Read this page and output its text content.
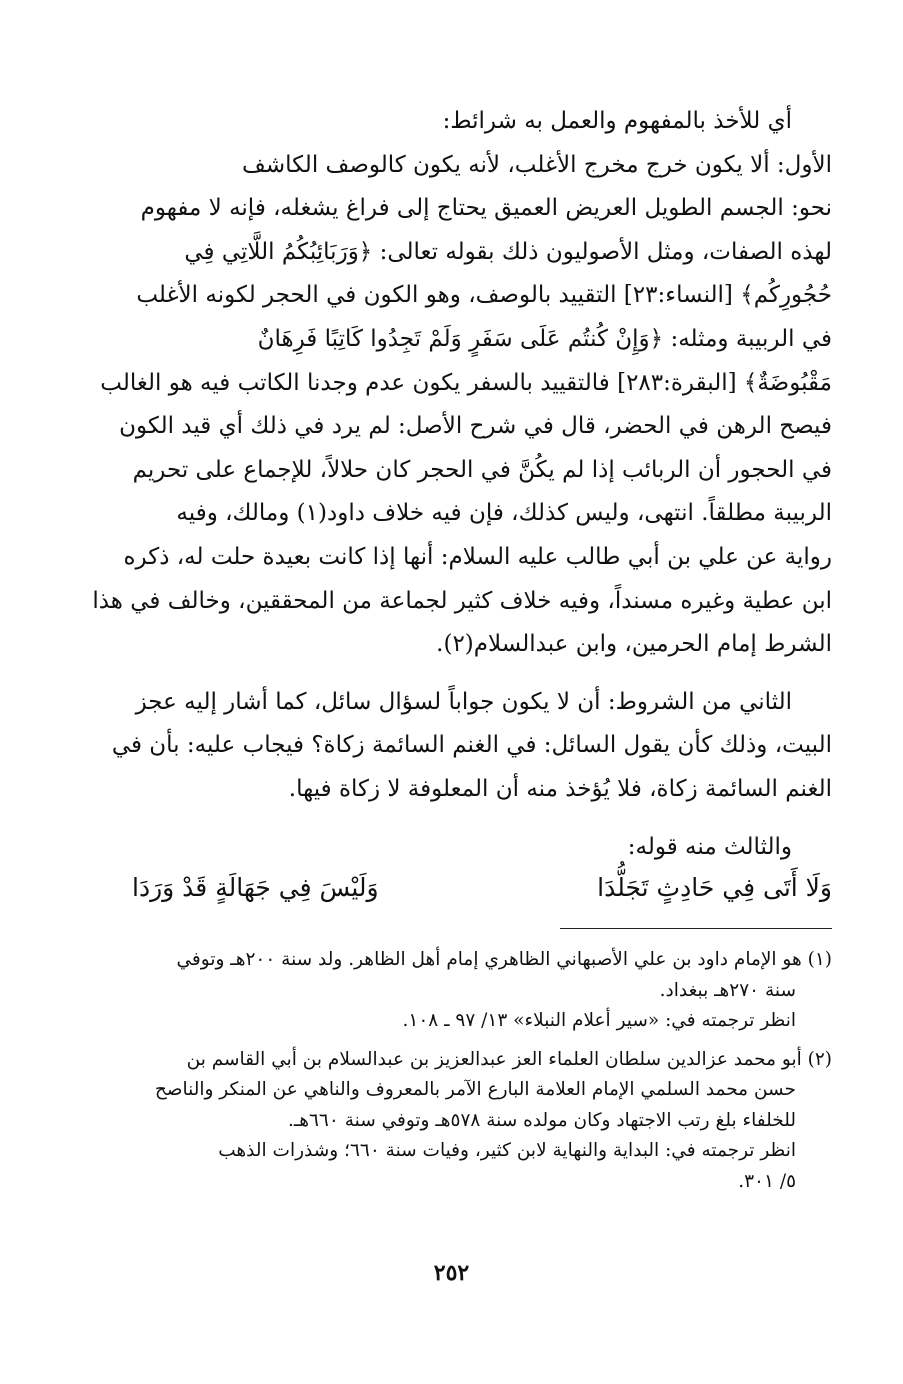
أي للأخذ بالمفهوم والعمل به شرائط:
الأول: ألا يكون خرج مخرج الأغلب، لأنه يكون كالوصف الكاشف
نحو: الجسم الطويل العريض العميق يحتاج إلى فراغ يشغله، فإنه لا مفهوم
لهذه الصفات، ومثل الأصوليون ذلك بقوله تعالى: ﴿وَرَبَائِبُكُمُ اللَّاتِي فِي
حُجُورِكُم﴾ [النساء:٢٣] التقييد بالوصف، وهو الكون في الحجر لكونه الأغلب
في الربيبة ومثله: ﴿وَإِنْ كُنتُم عَلَى سَفَرٍ وَلَمْ تَجِدُوا كَاتِبًا فَرِهَانٌ
مَقْبُوضَةٌ﴾ [البقرة:٢٨٣] فالتقييد بالسفر يكون عدم وجدنا الكاتب فيه هو الغالب
فيصح الرهن في الحضر، قال في شرح الأصل: لم يرد في ذلك أي قيد الكون
في الحجور أن الربائب إذا لم يكُنَّ في الحجر كان حلالاً، للإجماع على تحريم
الربيبة مطلقاً. انتهى، وليس كذلك، فإن فيه خلاف داود(١) ومالك، وفيه
رواية عن علي بن أبي طالب عليه السلام: أنها إذا كانت بعيدة حلت له، ذكره
ابن عطية وغيره مسنداً، وفيه خلاف كثير لجماعة من المحققين، وخالف في هذا
الشرط إمام الحرمين، وابن عبدالسلام(٢).
الثاني من الشروط: أن لا يكون جواباً لسؤال سائل، كما أشار إليه عجز
البيت، وذلك كأن يقول السائل: في الغنم السائمة زكاة؟ فيجاب عليه: بأن في
الغنم السائمة زكاة، فلا يُؤخذ منه أن المعلوفة لا زكاة فيها.
والثالث منه قوله:
وَلَا أَتَى فِي حَادِثٍ تَجَلُّدَا
وَلَيْسَ فِي جَهَالَةٍ قَدْ وَرَدَا
(١) هو الإمام داود بن علي الأصبهاني الظاهري إمام أهل الظاهر. ولد سنة ٢٠٠هـ وتوفي
سنة ٢٧٠هـ ببغداد.
انظر ترجمته في: «سير أعلام النبلاء» ١٣/ ٩٧ ـ ١٠٨.
(٢) أبو محمد عزالدين سلطان العلماء العز عبدالعزيز بن عبدالسلام بن أبي القاسم بن
حسن محمد السلمي الإمام العلامة البارع الآمر بالمعروف والناهي عن المنكر والناصح
للخلفاء بلغ رتب الاجتهاد وكان مولده سنة ٥٧٨هـ وتوفي سنة ٦٦٠هـ.
انظر ترجمته في: البداية والنهاية لابن كثير، وفيات سنة ٦٦٠؛ وشذرات الذهب
٥/ ٣٠١.
٢٥٢
